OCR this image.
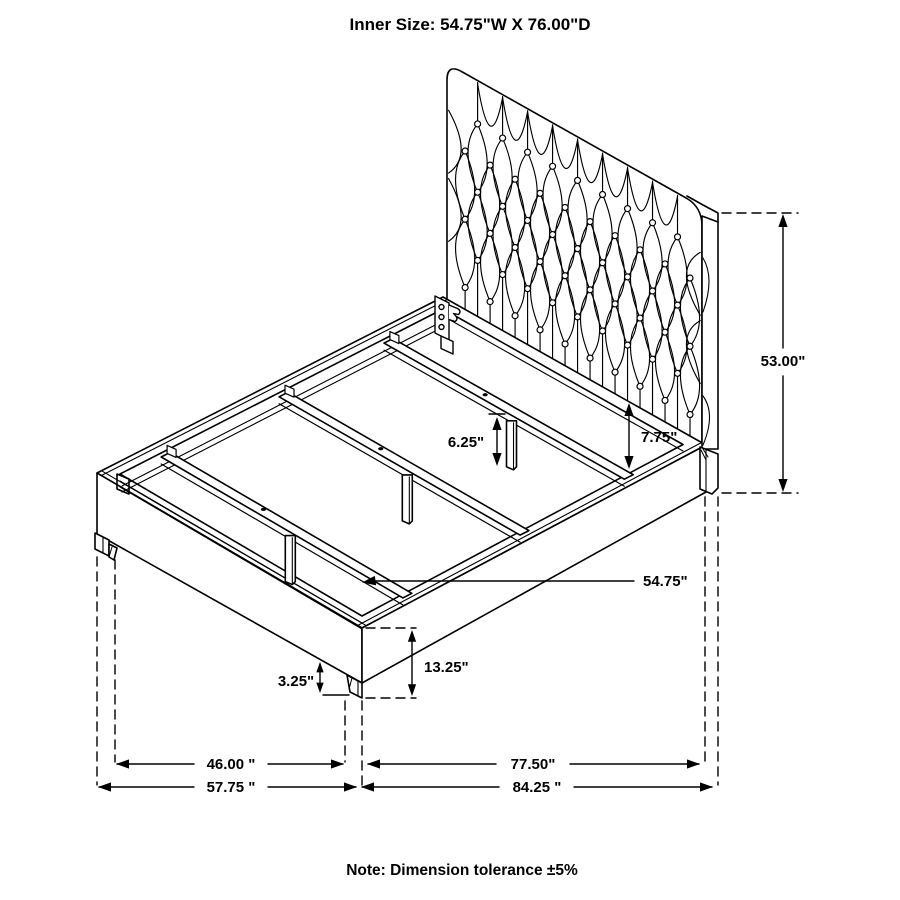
Inner Size: 54.75"W X 76.00"D
53.00"
7.75"
6.25"
54.75"
13.25"
3.25"
46.00 "
57.75 "
77.50"
84.25 "
Note: Dimension tolerance ±5%
